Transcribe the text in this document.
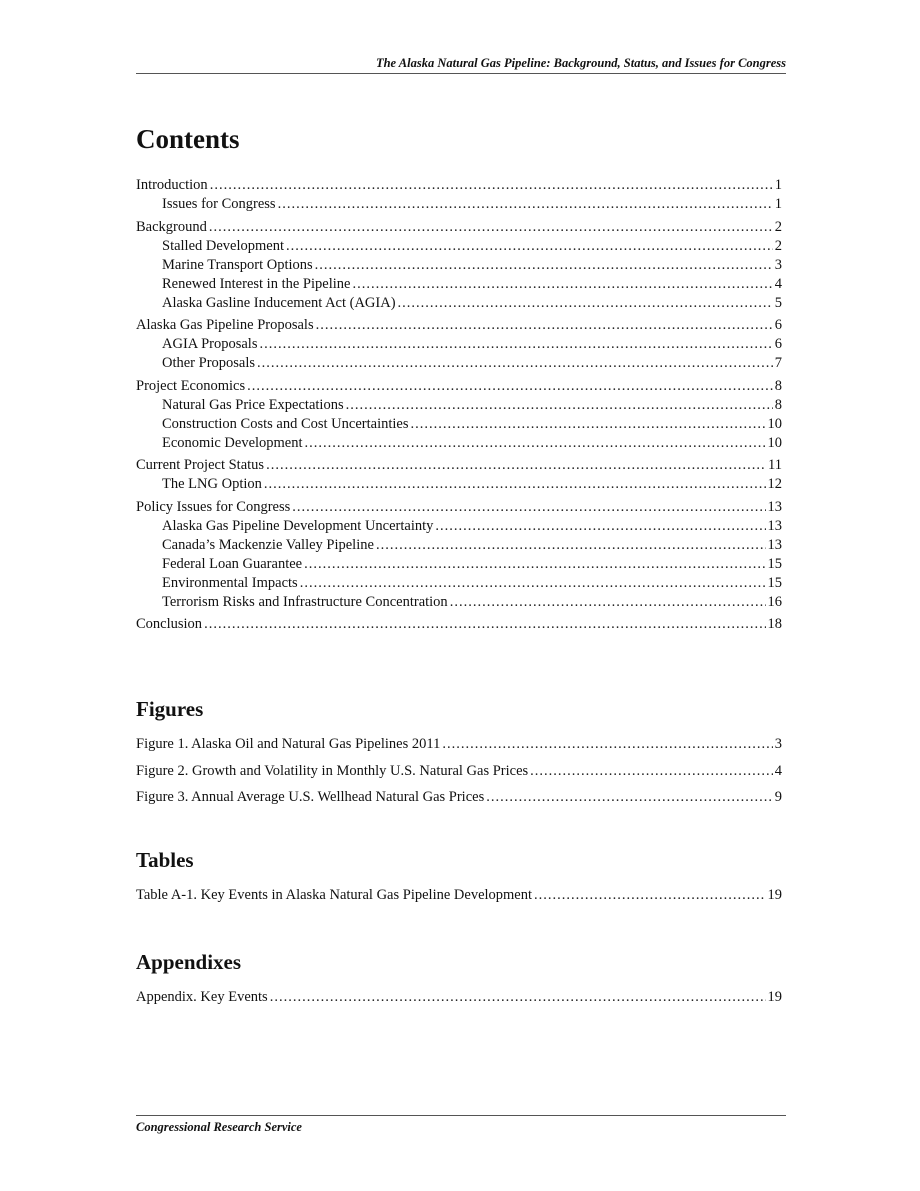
The Alaska Natural Gas Pipeline: Background, Status, and Issues for Congress
Contents
Introduction .....	1
Issues for Congress .....	1
Background .....	2
Stalled Development .....	2
Marine Transport Options .....	3
Renewed Interest in the Pipeline .....	4
Alaska Gasline Inducement Act (AGIA) .....	5
Alaska Gas Pipeline Proposals .....	6
AGIA Proposals .....	6
Other Proposals .....	7
Project Economics .....	8
Natural Gas Price Expectations .....	8
Construction Costs and Cost Uncertainties .....	10
Economic Development .....	10
Current Project Status .....	11
The LNG Option .....	12
Policy Issues for Congress .....	13
Alaska Gas Pipeline Development Uncertainty .....	13
Canada’s Mackenzie Valley Pipeline .....	13
Federal Loan Guarantee .....	15
Environmental Impacts .....	15
Terrorism Risks and Infrastructure Concentration .....	16
Conclusion .....	18
Figures
Figure 1. Alaska Oil and Natural Gas Pipelines 2011 .....	3
Figure 2. Growth and Volatility in Monthly U.S. Natural Gas Prices .....	4
Figure 3. Annual Average U.S. Wellhead Natural Gas Prices .....	9
Tables
Table A-1. Key Events in Alaska Natural Gas Pipeline Development .....	19
Appendixes
Appendix. Key Events .....	19
Congressional Research Service
